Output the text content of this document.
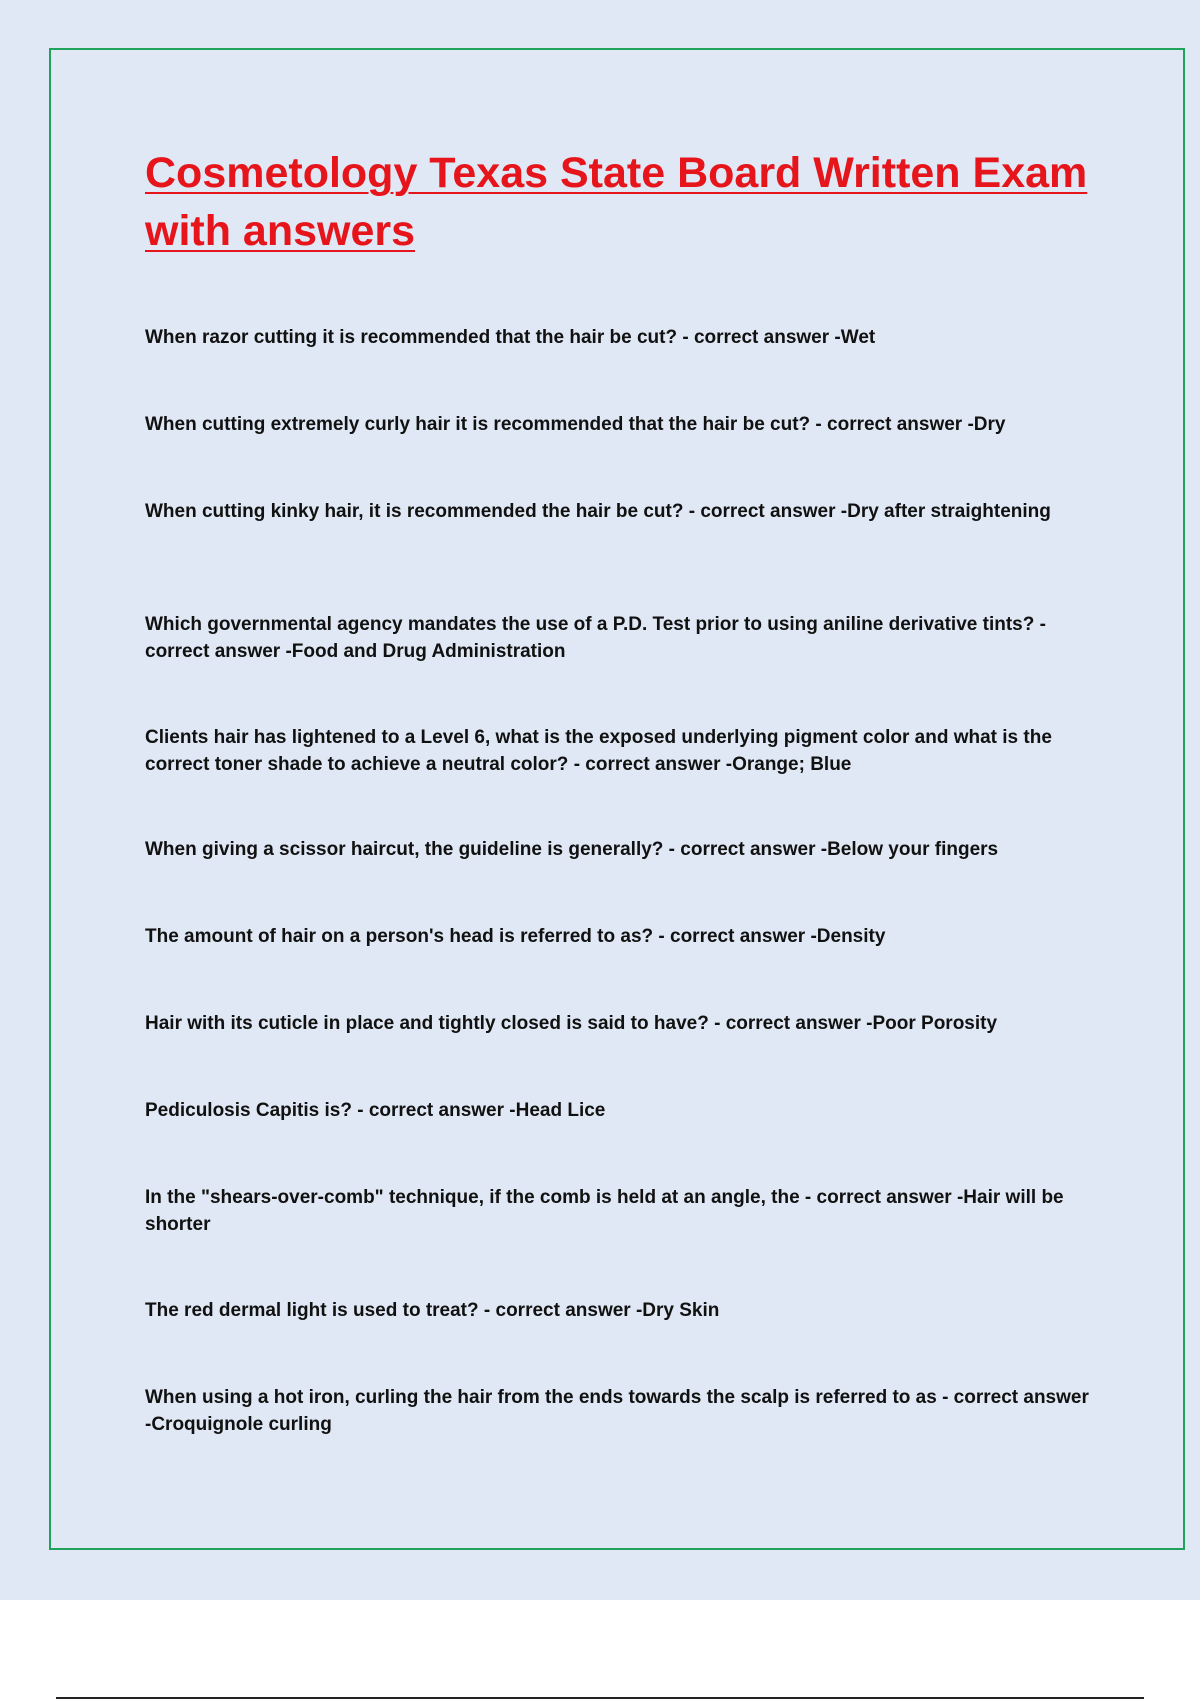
Cosmetology Texas State Board Written Exam with answers

When razor cutting it is recommended that the hair be cut? - correct answer -Wet

When cutting extremely curly hair it is recommended that the hair be cut? - correct answer -Dry

When cutting kinky hair, it is recommended the hair be cut? - correct answer -Dry after straightening

Which governmental agency mandates the use of a P.D. Test prior to using aniline derivative tints? - correct answer -Food and Drug Administration

Clients hair has lightened to a Level 6, what is the exposed underlying pigment color and what is the correct toner shade to achieve a neutral color? - correct answer -Orange; Blue

When giving a scissor haircut, the guideline is generally? - correct answer -Below your fingers

The amount of hair on a person's head is referred to as? - correct answer -Density

Hair with its cuticle in place and tightly closed is said to have? - correct answer -Poor Porosity

Pediculosis Capitis is? - correct answer -Head Lice

In the "shears-over-comb" technique, if the comb is held at an angle, the - correct answer -Hair will be shorter

The red dermal light is used to treat? - correct answer -Dry Skin

When using a hot iron, curling the hair from the ends towards the scalp is referred to as - correct answer -Croquignole curling
